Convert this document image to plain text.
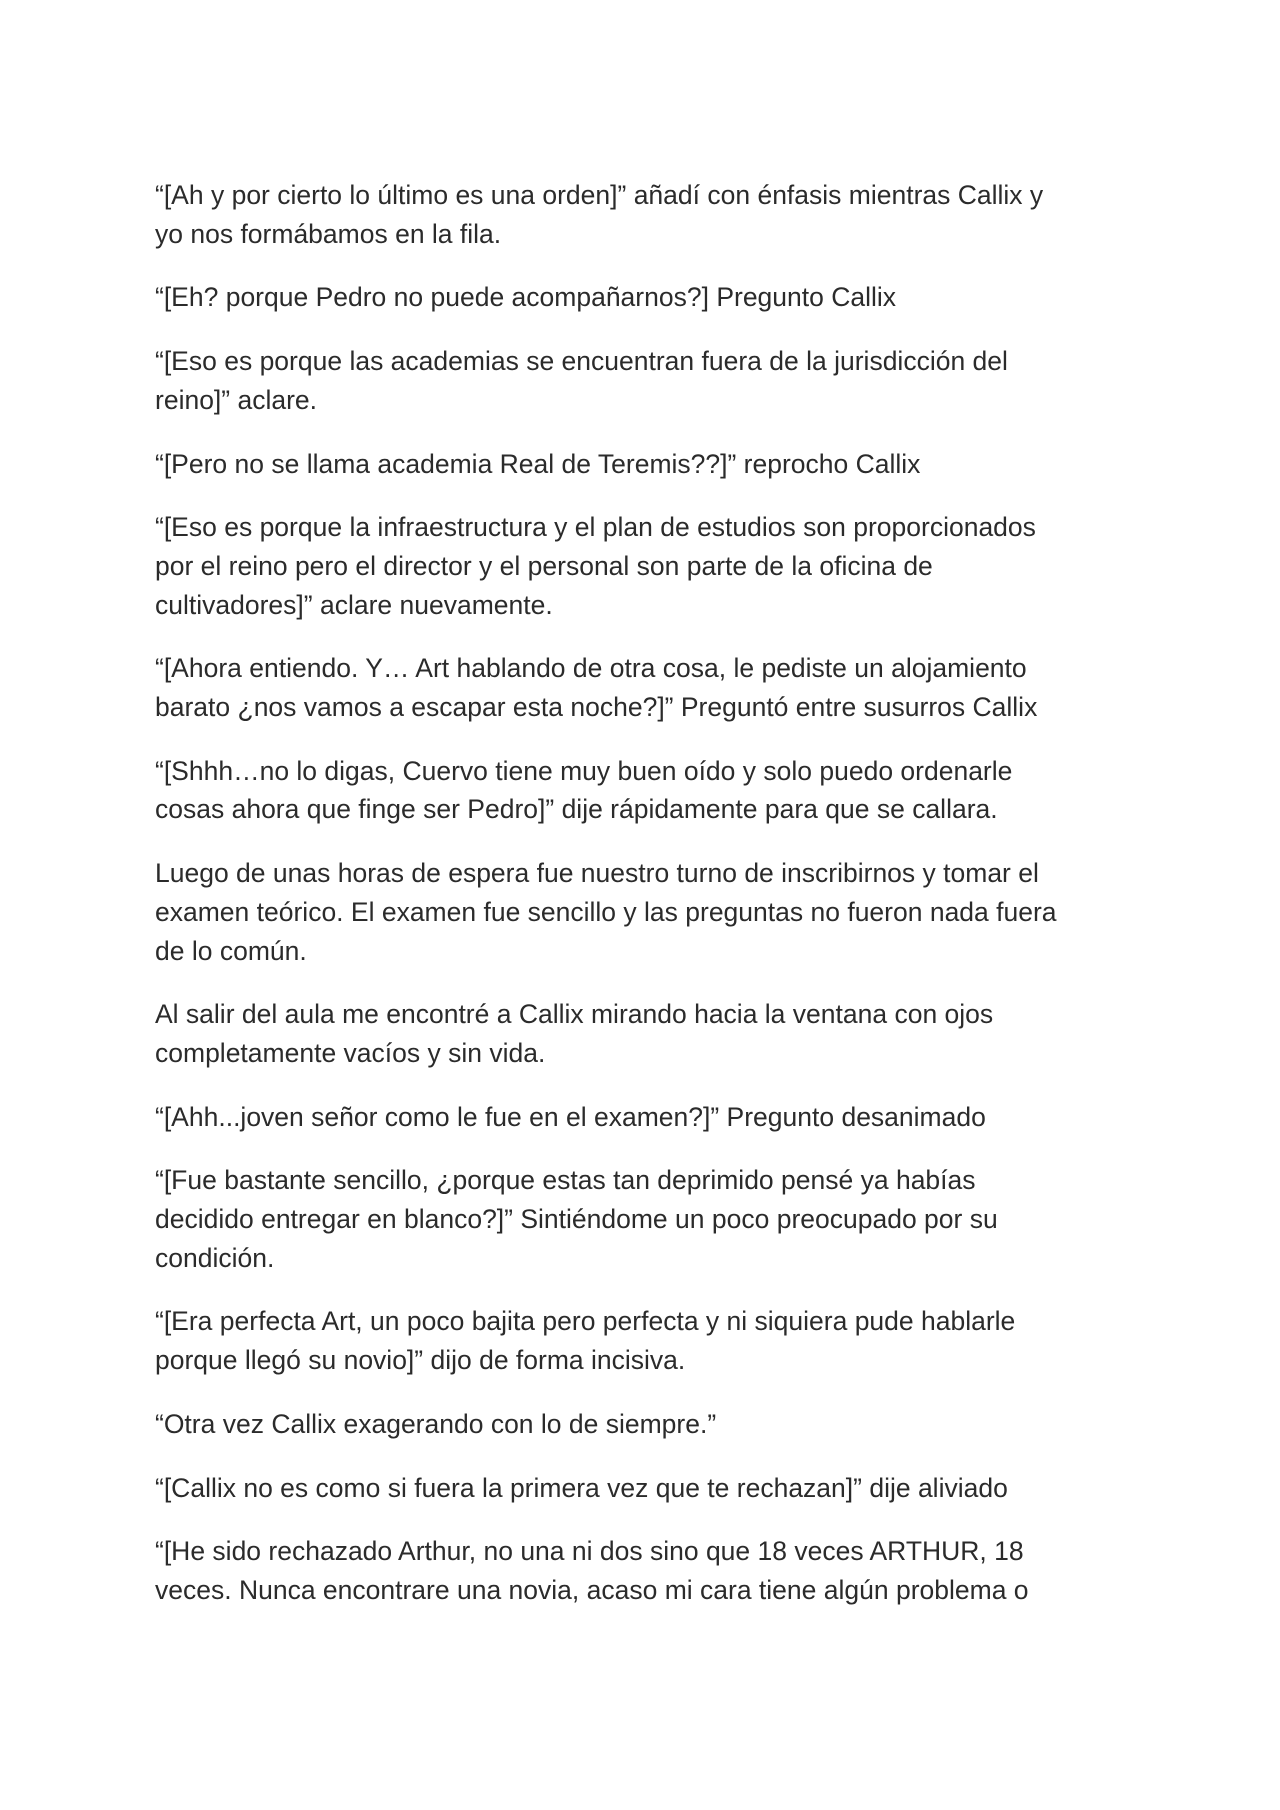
“[Ah y por cierto lo último es una orden]” añadí con énfasis mientras Callix y
yo nos formábamos en la fila.

“[Eh? porque Pedro no puede acompañarnos?] Pregunto Callix

“[Eso es porque las academias se encuentran fuera de la jurisdicción del
reino]” aclare.

“[Pero no se llama academia Real de Teremis??]” reprocho Callix

“[Eso es porque la infraestructura y el plan de estudios son proporcionados
por el reino pero el director y el personal son parte de la oficina de
cultivadores]” aclare nuevamente.

“[Ahora entiendo. Y… Art hablando de otra cosa, le pediste un alojamiento
barato ¿nos vamos a escapar esta noche?]” Preguntó entre susurros Callix

“[Shhh…no lo digas, Cuervo tiene muy buen oído y solo puedo ordenarle
cosas ahora que finge ser Pedro]” dije rápidamente para que se callara.

Luego de unas horas de espera fue nuestro turno de inscribirnos y tomar el
examen teórico. El examen fue sencillo y las preguntas no fueron nada fuera
de lo común.

Al salir del aula me encontré a Callix mirando hacia la ventana con ojos
completamente vacíos y sin vida.

“[Ahh...joven señor como le fue en el examen?]” Pregunto desanimado

“[Fue bastante sencillo, ¿porque estas tan deprimido pensé ya habías
decidido entregar en blanco?]” Sintiéndome un poco preocupado por su
condición.

“[Era perfecta Art, un poco bajita pero perfecta y ni siquiera pude hablarle
porque llegó su novio]” dijo de forma incisiva.

“Otra vez Callix exagerando con lo de siempre.”

“[Callix no es como si fuera la primera vez que te rechazan]” dije aliviado

“[He sido rechazado Arthur, no una ni dos sino que 18 veces ARTHUR, 18
veces. Nunca encontrare una novia, acaso mi cara tiene algún problema o
